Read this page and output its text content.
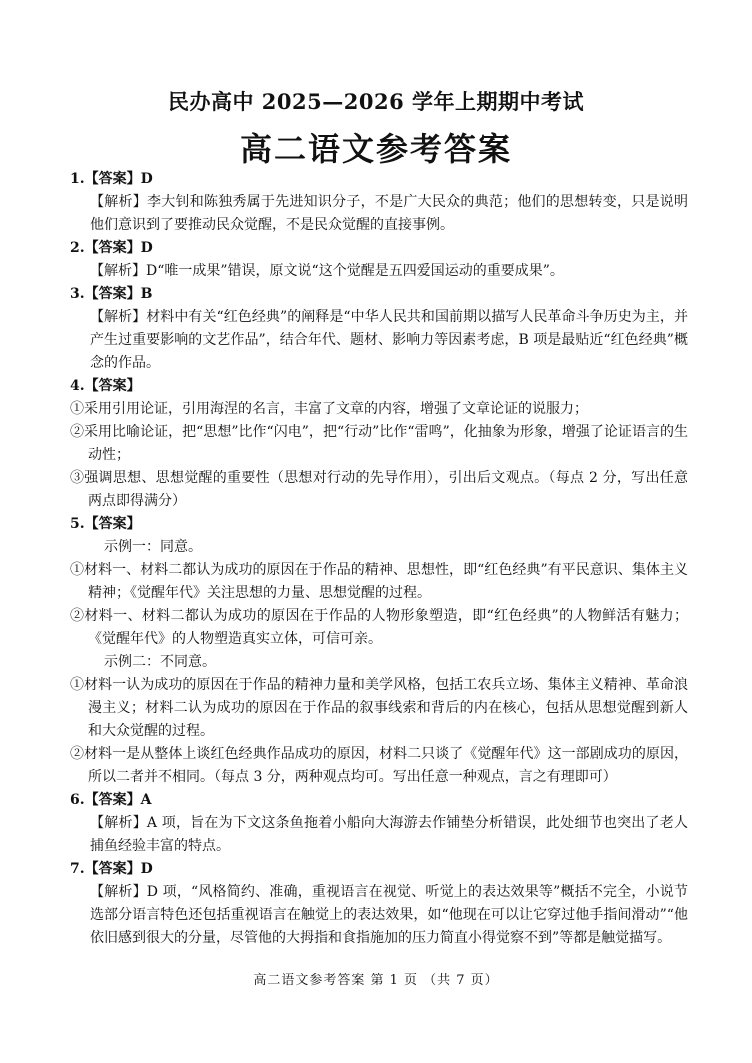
民办高中 2025—2026 学年上期期中考试
高二语文参考答案
1.【答案】D
【解析】李大钊和陈独秀属于先进知识分子，不是广大民众的典范；他们的思想转变，只是说明他们意识到了要推动民众觉醒，不是民众觉醒的直接事例。
2.【答案】D
【解析】D“唯一成果”错误，原文说“这个觉醒是五四爱国运动的重要成果”。
3.【答案】B
【解析】材料中有关“红色经典”的阐释是“中华人民共和国前期以描写人民革命斗争历史为主，并产生过重要影响的文艺作品”，结合年代、题材、影响力等因素考虑，B 项是最贴近“红色经典”概念的作品。
4.【答案】
①采用引用论证，引用海涅的名言，丰富了文章的内容，增强了文章论证的说服力；
②采用比喻论证，把“思想”比作“闪电”，把“行动”比作“雷鸣”，化抽象为形象，增强了论证语言的生动性；
③强调思想、思想觉醒的重要性（思想对行动的先导作用），引出后文观点。（每点 2 分，写出任意两点即得满分）
5.【答案】
示例一：同意。
①材料一、材料二都认为成功的原因在于作品的精神、思想性，即“红色经典”有平民意识、集体主义精神；《觉醒年代》关注思想的力量、思想觉醒的过程。
②材料一、材料二都认为成功的原因在于作品的人物形象塑造，即“红色经典”的人物鲜活有魅力；《觉醒年代》的人物塑造真实立体，可信可亲。
示例二：不同意。
①材料一认为成功的原因在于作品的精神力量和美学风格，包括工农兵立场、集体主义精神、革命浪漫主义；材料二认为成功的原因在于作品的叙事线索和背后的内在核心，包括从思想觉醒到新人和大众觉醒的过程。
②材料一是从整体上谈红色经典作品成功的原因，材料二只谈了《觉醒年代》这一部剧成功的原因，所以二者并不相同。（每点 3 分，两种观点均可。写出任意一种观点，言之有理即可）
6.【答案】A
【解析】A 项，旨在为下文这条鱼拖着小船向大海游去作铺垫分析错误，此处细节也突出了老人捕鱼经验丰富的特点。
7.【答案】D
【解析】D 项，“风格简约、准确，重视语言在视觉、听觉上的表达效果等”概括不完全，小说节选部分语言特色还包括重视语言在触觉上的表达效果，如“他现在可以让它穿过他手指间滑动”“他依旧感到很大的分量，尽管他的大拇指和食指施加的压力简直小得觉察不到”等都是触觉描写。
高二语文参考答案 第 1 页 （共 7 页）
